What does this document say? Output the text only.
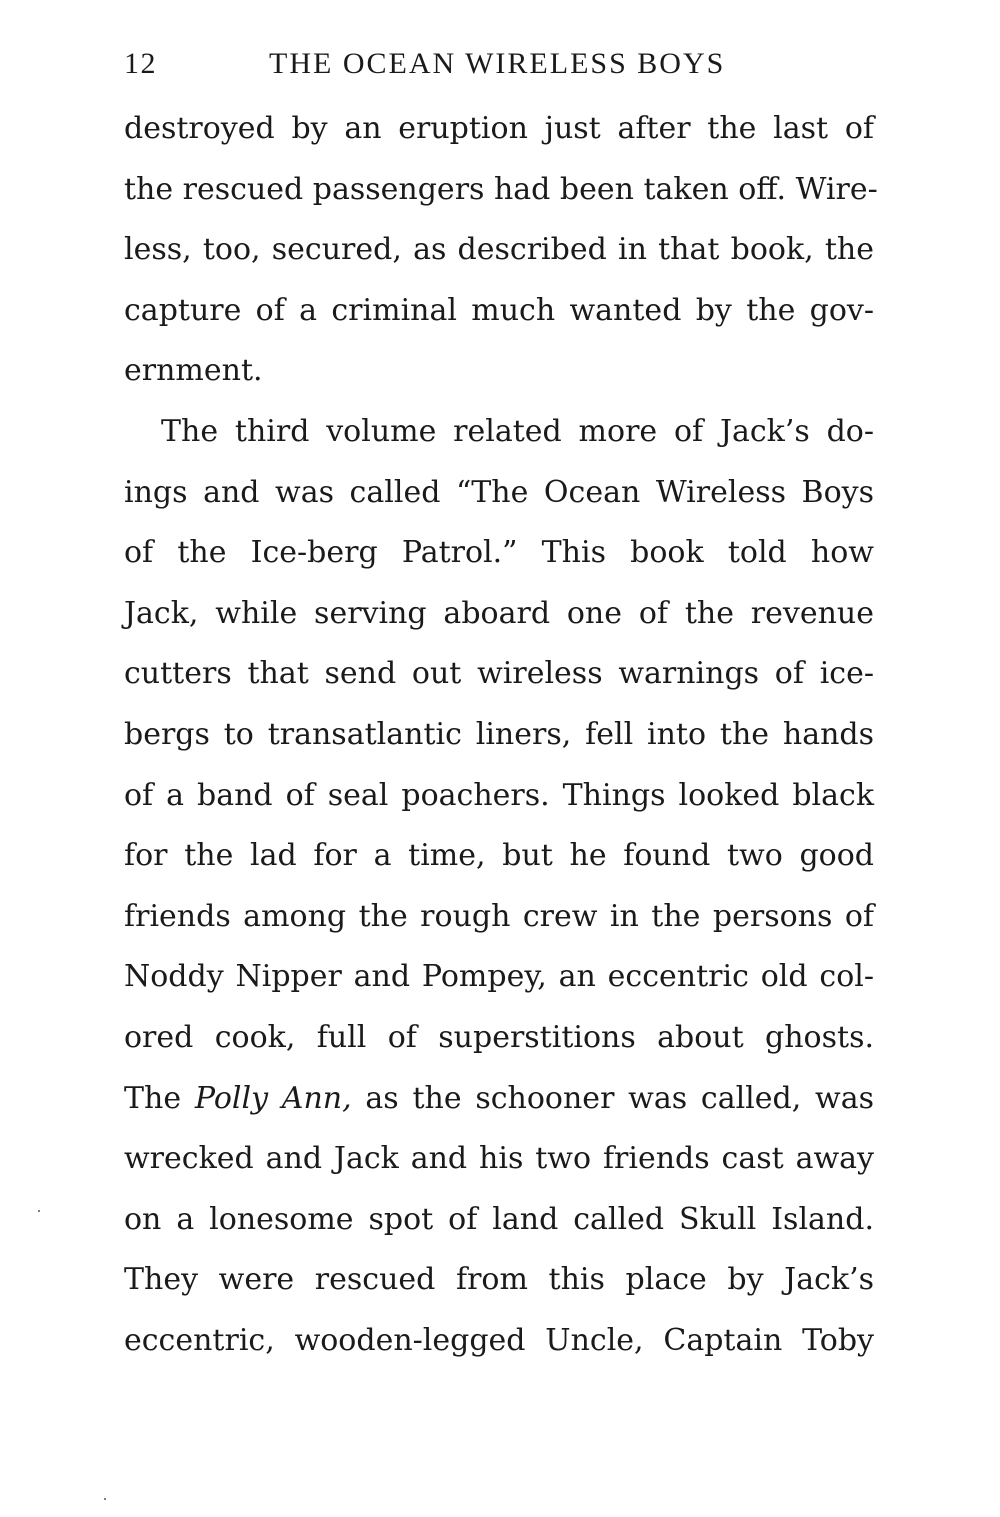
12	THE OCEAN WIRELESS BOYS
destroyed by an eruption just after the last of
the rescued passengers had been taken off. Wire-
less, too, secured, as described in that book, the
capture of a criminal much wanted by the gov-
ernment.
The third volume related more of Jack’s do-
ings and was called “The Ocean Wireless Boys
of the Ice-berg Patrol.” This book told how
Jack, while serving aboard one of the revenue
cutters that send out wireless warnings of ice-
bergs to transatlantic liners, fell into the hands
of a band of seal poachers. Things looked black
for the lad for a time, but he found two good
friends among the rough crew in the persons of
Noddy Nipper and Pompey, an eccentric old col-
ored cook, full of superstitions about ghosts.
The Polly Ann, as the schooner was called, was
wrecked and Jack and his two friends cast away
on a lonesome spot of land called Skull Island.
They were rescued from this place by Jack’s
eccentric, wooden-legged Uncle, Captain Toby
